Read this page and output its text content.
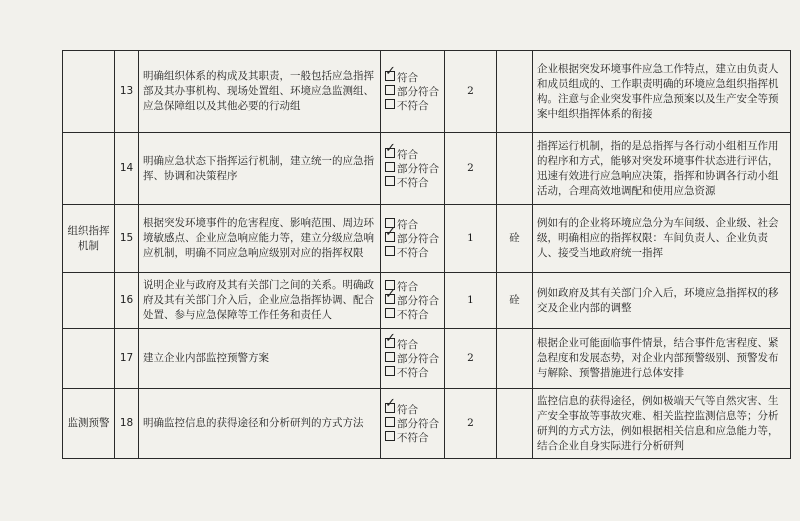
	13	明确组织体系的构成及其职责，一般包括应急指挥部及其办事机构、现场处置组、环境应急监测组、应急保障组以及其他必要的行动组	✓ 符合
部分符合
不符合	2		企业根据突发环境事件应急工作特点，建立由负责人和成员组成的、工作职责明确的环境应急组织指挥机构。注意与企业突发事件应急预案以及生产安全等预案中组织指挥体系的衔接
	14	明确应急状态下指挥运行机制，建立统一的应急指挥、协调和决策程序	✓ 符合
部分符合
不符合	2		指挥运行机制，指的是总指挥与各行动小组相互作用的程序和方式，能够对突发环境事件状态进行评估，迅速有效进行应急响应决策，指挥和协调各行动小组活动，合理高效地调配和使用应急资源
组织指挥机制	15	根据突发环境事件的危害程度、影响范围、周边环境敏感点、企业应急响应能力等，建立分级应急响应机制，明确不同应急响应级别对应的指挥权限	符合
✓ 部分符合
不符合	1	硂	例如有的企业将环境应急分为车间级、企业级、社会级，明确相应的指挥权限：车间负责人、企业负责人、接受当地政府统一指挥
	16	说明企业与政府及其有关部门之间的关系。明确政府及其有关部门介入后，企业应急指挥协调、配合处置、参与应急保障等工作任务和责任人	符合
✓ 部分符合
不符合	1	硂	例如政府及其有关部门介入后，环境应急指挥权的移交及企业内部的调整
	17	建立企业内部监控预警方案	✓ 符合
部分符合
不符合	2		根据企业可能面临事件情景，结合事件危害程度、紧急程度和发展态势，对企业内部预警级别、预警发布与解除、预警措施进行总体安排
监测预警	18	明确监控信息的获得途径和分析研判的方式方法	✓ 符合
部分符合
不符合	2		监控信息的获得途径，例如极端天气等自然灾害、生产安全事故等事故灾难、相关监控监测信息等；分析研判的方式方法，例如根据相关信息和应急能力等，结合企业自身实际进行分析研判
